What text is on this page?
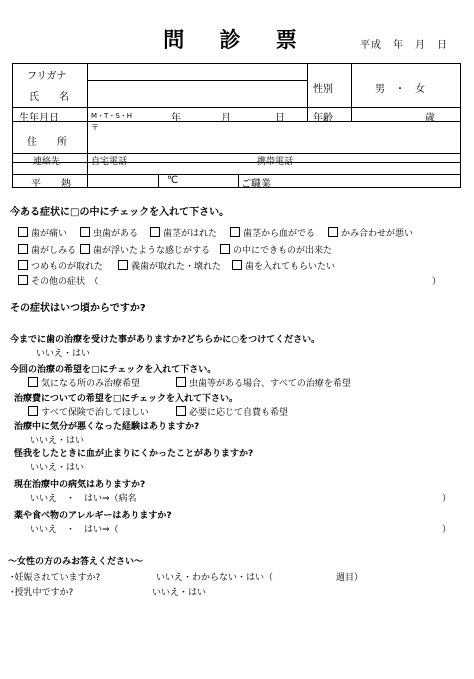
問 診 票	平成　年　月　日
フリガナ
氏　　名
性別	男　・　女
生年月日	M・T・S・H	年	月	日	年齢	歳
住　　所
〒
連絡先	自宅電話	携帯電話
平　　熱	℃	ご職業
今ある症状に□の中にチェックを入れて下さい。
歯が痛い	虫歯がある	歯茎がはれた	歯茎から血がでる	かみ合わせが悪い
歯がしみる	歯が浮いたような感じがする	の中にできものが出来た
つめものが取れた	義歯が取れた・壊れた	歯を入れてもらいたい
その他の症状　（	）
その症状はいつ頃からですか?
今までに歯の治療を受けた事がありますか?どちらかに○をつけてください。
いいえ・はい
今回の治療の希望を□にチェックを入れて下さい。
気になる所のみ治療希望	虫歯等がある場合、すべての治療を希望
治療費についての希望を□にチェックを入れて下さい。
すべて保険で治してほしい	必要に応じて自費も希望
治療中に気分が悪くなった経験はありますか?
いいえ・はい
怪我をしたときに血が止まりにくかったことがありますか?
いいえ・はい
現在治療中の病気はありますか?
いいえ　・　はい⇒（病名	）
薬や食べ物のアレルギーはありますか?
いいえ　・　はい⇒（	）
～女性の方のみお答えください～
･妊娠されていますか?	いいえ・わからない・はい（	週目）
･授乳中ですか?	いいえ・はい
